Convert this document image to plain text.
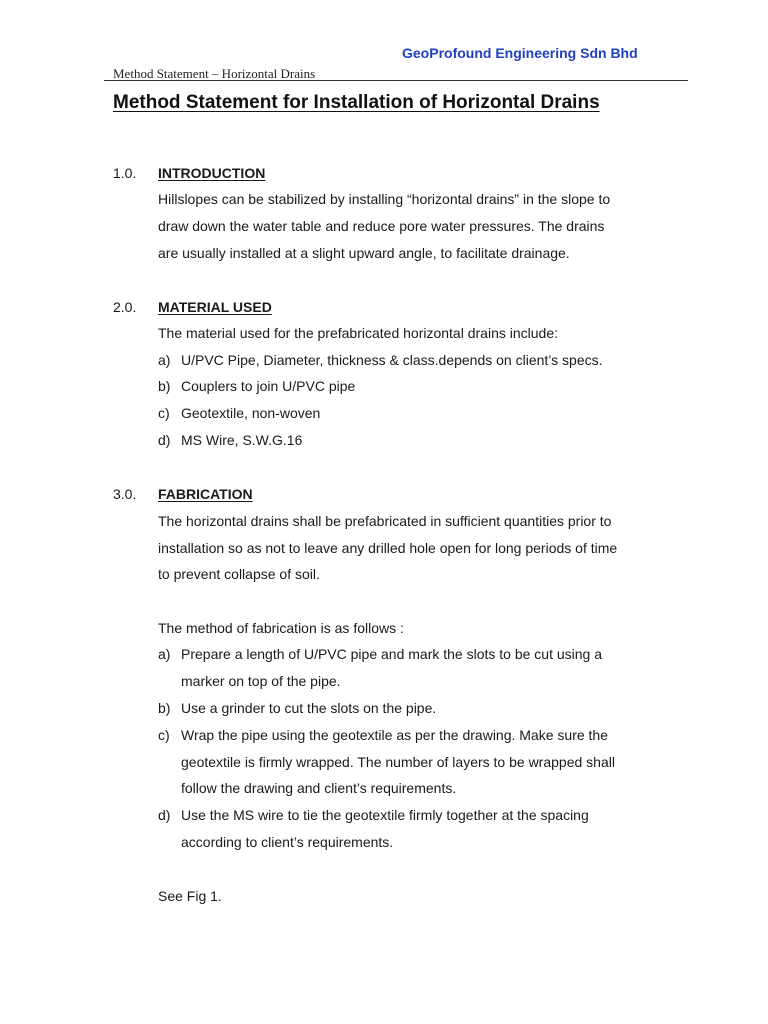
GeoProfound Engineering Sdn Bhd
Method Statement – Horizontal Drains
Method Statement for Installation of Horizontal Drains
1.0. INTRODUCTION
Hillslopes can be stabilized by installing “horizontal drains” in the slope to
draw down the water table and reduce pore water pressures. The drains
are usually installed at a slight upward angle, to facilitate drainage.
2.0. MATERIAL USED
The material used for the prefabricated horizontal drains include:
a) U/PVC Pipe, Diameter, thickness & class.depends on client’s specs.
b) Couplers to join U/PVC pipe
c) Geotextile, non-woven
d) MS Wire, S.W.G.16
3.0. FABRICATION
The horizontal drains shall be prefabricated in sufficient quantities prior to
installation so as not to leave any drilled hole open for long periods of time
to prevent collapse of soil.
The method of fabrication is as follows :
a) Prepare a length of U/PVC pipe and mark the slots to be cut using a
marker on top of the pipe.
b) Use a grinder to cut the slots on the pipe.
c) Wrap the pipe using the geotextile as per the drawing. Make sure the
geotextile is firmly wrapped. The number of layers to be wrapped shall
follow the drawing and client’s requirements.
d) Use the MS wire to tie the geotextile firmly together at the spacing
according to client’s requirements.
See Fig 1.
